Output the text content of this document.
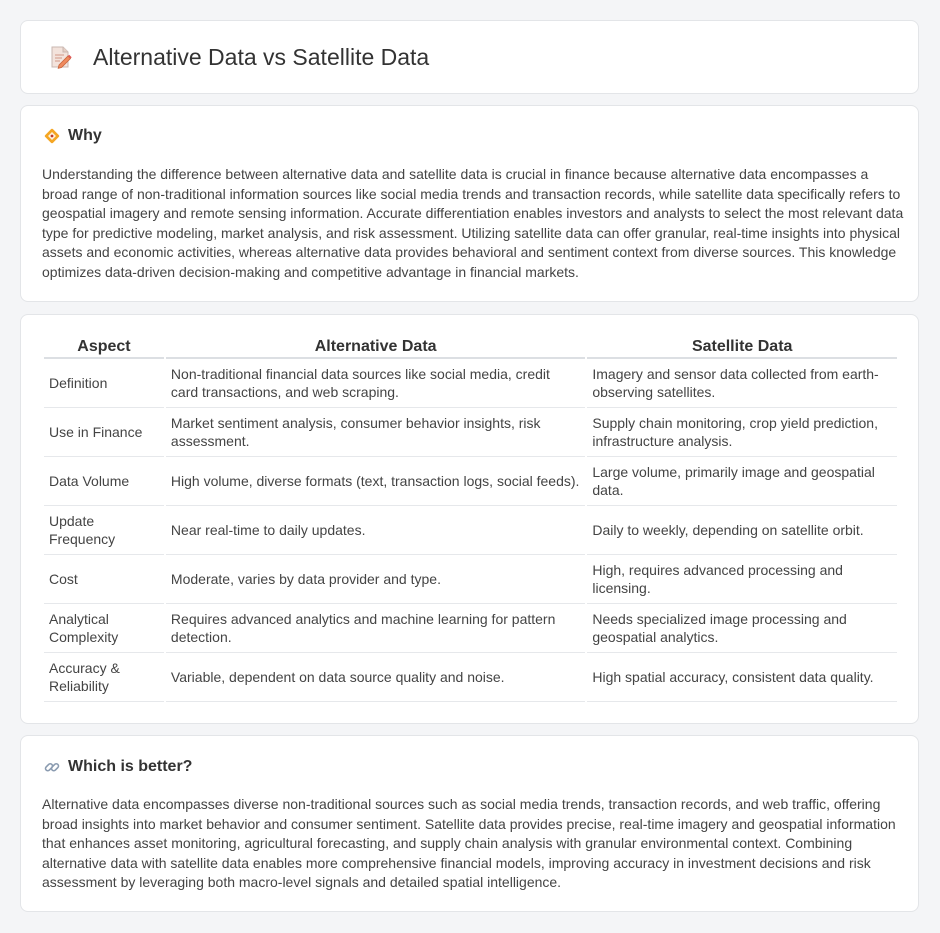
Alternative Data vs Satellite Data
Why

Understanding the difference between alternative data and satellite data is crucial in finance because alternative data encompasses a broad range of non-traditional information sources like social media trends and transaction records, while satellite data specifically refers to geospatial imagery and remote sensing information. Accurate differentiation enables investors and analysts to select the most relevant data type for predictive modeling, market analysis, and risk assessment. Utilizing satellite data can offer granular, real-time insights into physical assets and economic activities, whereas alternative data provides behavioral and sentiment context from diverse sources. This knowledge optimizes data-driven decision-making and competitive advantage in financial markets.

Aspect	Alternative Data	Satellite Data
Definition	Non-traditional financial data sources like social media, credit card transactions, and web scraping.	Imagery and sensor data collected from earth-observing satellites.
Use in Finance	Market sentiment analysis, consumer behavior insights, risk assessment.	Supply chain monitoring, crop yield prediction, infrastructure analysis.
Data Volume	High volume, diverse formats (text, transaction logs, social feeds).	Large volume, primarily image and geospatial data.
Update Frequency	Near real-time to daily updates.	Daily to weekly, depending on satellite orbit.
Cost	Moderate, varies by data provider and type.	High, requires advanced processing and licensing.
Analytical Complexity	Requires advanced analytics and machine learning for pattern detection.	Needs specialized image processing and geospatial analytics.
Accuracy & Reliability	Variable, dependent on data source quality and noise.	High spatial accuracy, consistent data quality.
Which is better?

Alternative data encompasses diverse non-traditional sources such as social media trends, transaction records, and web traffic, offering broad insights into market behavior and consumer sentiment. Satellite data provides precise, real-time imagery and geospatial information that enhances asset monitoring, agricultural forecasting, and supply chain analysis with granular environmental context. Combining alternative data with satellite data enables more comprehensive financial models, improving accuracy in investment decisions and risk assessment by leveraging both macro-level signals and detailed spatial intelligence.
